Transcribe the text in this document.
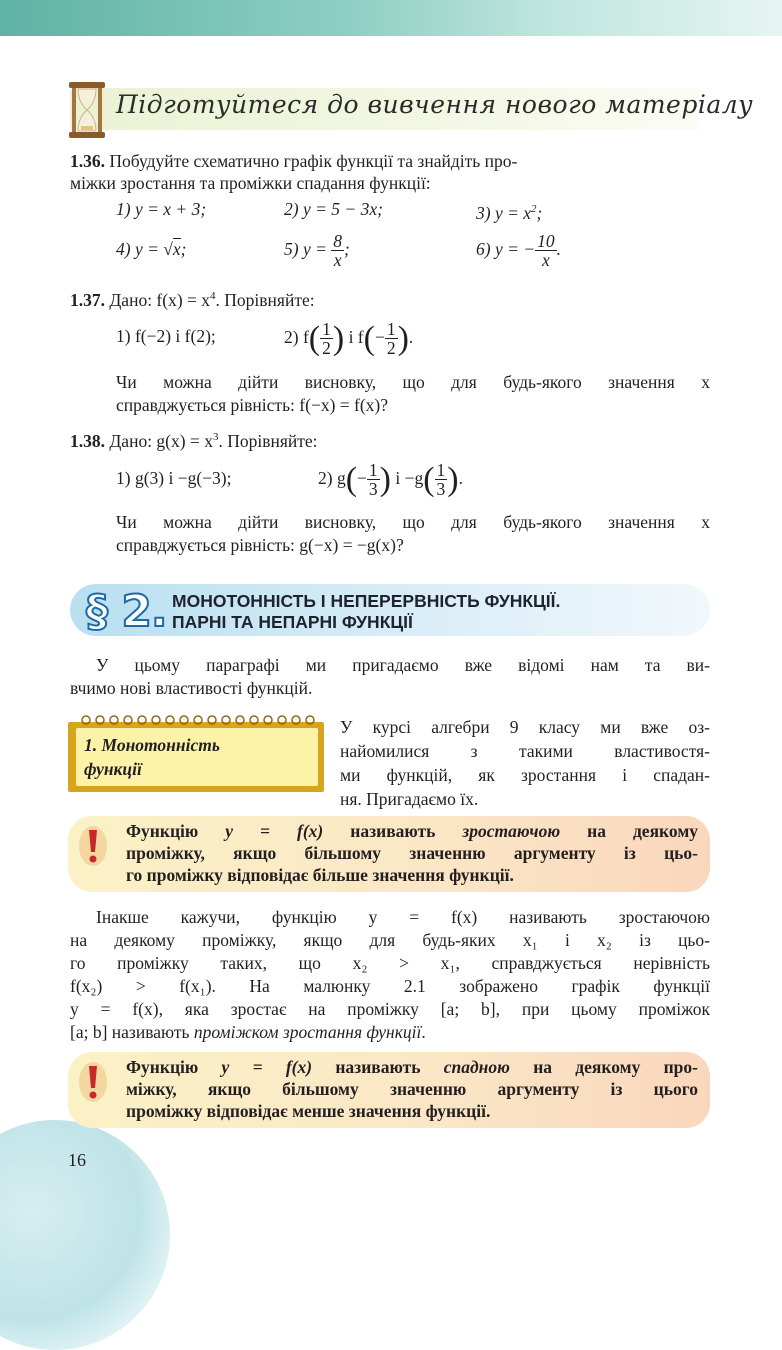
Підготуйтеся до вивчення нового матеріалу
1.36. Побудуйте схематично графік функції та знайдіть про-
міжки зростання та проміжки спадання функції:
1) y = x + 3;	2) y = 5 − 3x;	3) $y = x^2$;
4) y = √x;	5) $y = \frac{8}{x}$ ;	6) y = − $\frac{10}{x}$ .
1.37. Дано: $f(x) = x^4$. Порівняйте:
1) f(−2) і f(2);	2) $f( \frac{1}{2}$ ) і $f(- \frac{1}{2}$ ).
Чи можна дійти висновку, що для будь-якого значення x
справджується рівність: f(−x) = f(x)?
1.38. Дано: $g(x) = x^3$. Порівняйте:
1) g(3) і −g(−3);	2) $g(- \frac{1}{3}$ ) $і -g( \frac{1}{3}$ ).
Чи можна дійти висновку, що для будь-якого значення x
справджується рівність: g(−x) = −g(x)?
§ 2. МОНОТОННІСТЬ І НЕПЕРЕРВНІСТЬ ФУНКЦІЇ.
ПАРНІ ТА НЕПАРНІ ФУНКЦІЇ
У цьому параграфі ми пригадаємо вже відомі нам та ви-
вчимо нові властивості функцій.
1. Монотонність
функції
У курсі алгебри 9 класу ми вже оз-
найомилися з такими властивостя-
ми функцій, як зростання і спадан-
ня. Пригадаємо їх.
Функцію y = f(x) називають зростаючою на деякому
проміжку, якщо більшому значенню аргументу із цьо-
го проміжку відповідає більше значення функції.
Інакше кажучи, функцію y = f(x) називають зростаючою
на деякому проміжку, якщо для будь-яких x₁ і x₂ із цьо-
го проміжку таких, що x₂ > x₁, справджується нерівність
f(x₂) > f(x₁). На малюнку 2.1 зображено графік функції
y = f(x), яка зростає на проміжку [a; b], при цьому проміжок
[a; b] називають проміжком зростання функції.
Функцію y = f(x) називають спадною на деякому про-
міжку, якщо більшому значенню аргументу із цього
проміжку відповідає менше значення функції.
16
